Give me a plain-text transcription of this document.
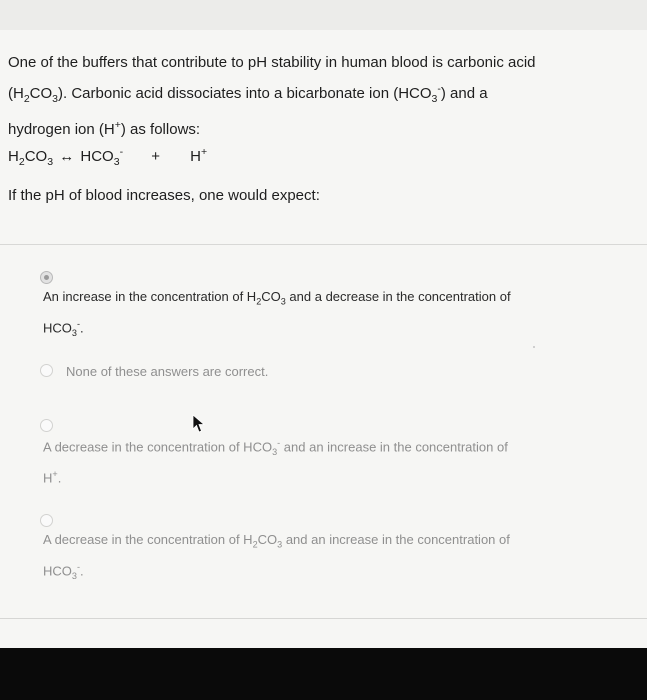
One of the buffers that contribute to pH stability in human blood is carbonic acid

$(H_2CO_3)$. Carbonic acid dissociates into a bicarbonate ion $(HCO_3^-)$ and a

hydrogen ion (H+) as follows:

$H_2CO_3$ ↔ $HCO_3^- + H^+$
If the pH of blood increases, one would expect:
An increase in the concentration of $H_2CO_3$ and a decrease in the concentration of
$HCO_3^-$.
None of these answers are correct.
A decrease in the concentration of $HCO_3^-$ and an increase in the concentration of
H+.
A decrease in the concentration of $H_2CO_3$ and an increase in the concentration of
$HCO_3^-$.
